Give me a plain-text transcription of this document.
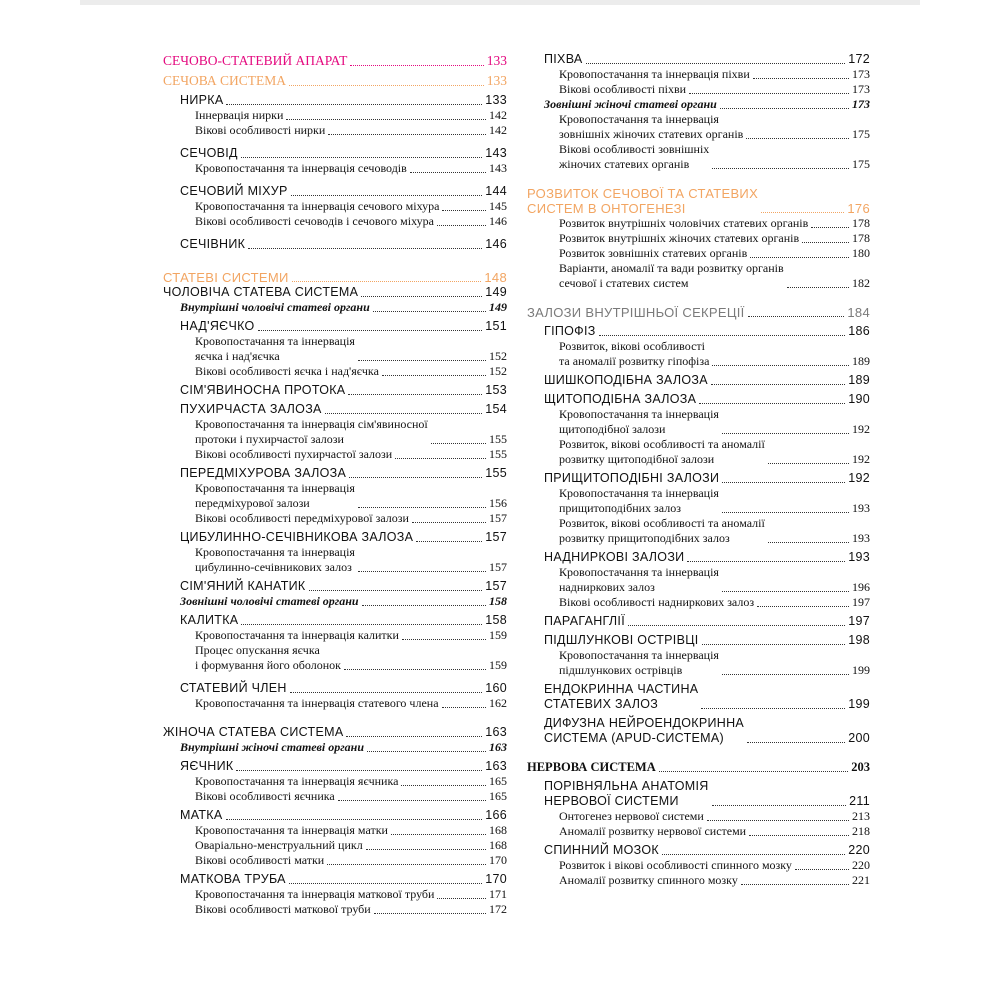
СЕЧОВО-СТАТЕВИЙ АПАРАТ	133
СЕЧОВА СИСТЕМА	133
НИРКА	133
Іннервація нирки	142
Вікові особливості нирки	142
СЕЧОВІД	143
Кровопостачання та іннервація сечоводів	143
СЕЧОВИЙ МІХУР	144
Кровопостачання та іннервація сечового міхура	145
Вікові особливості сечоводів і сечового міхура	146
СЕЧІВНИК	146
СТАТЕВІ СИСТЕМИ	148
ЧОЛОВІЧА СТАТЕВА СИСТЕМА	149
Внутрішні чоловічі статеві органи	149
НАД'ЯЄЧКО	151
Кровопостачання та іннервація
яєчка і над'яєчка	152
Вікові особливості яєчка і над'яєчка	152
СІМ'ЯВИНОСНА ПРОТОКА	153
ПУХИРЧАСТА ЗАЛОЗА	154
Кровопостачання та іннервація сім'явиносної
протоки і пухирчастої залози	155
Вікові особливості пухирчастої залози	155
ПЕРЕДМІХУРОВА ЗАЛОЗА	155
Кровопостачання та іннервація
передміхурової залози	156
Вікові особливості передміхурової залози	157
ЦИБУЛИННО-СЕЧІВНИКОВА ЗАЛОЗА	157
Кровопостачання та іннервація
цибулинно-сечівникових залоз	157
СІМ'ЯНИЙ КАНАТИК	157
Зовнішні чоловічі статеві органи	158
КАЛИТКА	158
Кровопостачання та іннервація калитки	159
Процес опускання яєчка
і формування його оболонок	159
СТАТЕВИЙ ЧЛЕН	160
Кровопостачання та іннервація статевого члена	162
ЖІНОЧА СТАТЕВА СИСТЕМА	163
Внутрішні жіночі статеві органи	163
ЯЄЧНИК	163
Кровопостачання та іннервація яєчника	165
Вікові особливості яєчника	165
МАТКА	166
Кровопостачання та іннервація матки	168
Оваріально-менструальний цикл	168
Вікові особливості матки	170
МАТКОВА ТРУБА	170
Кровопостачання та іннервація маткової труби	171
Вікові особливості маткової труби	172
ПІХВА	172
Кровопостачання та іннервація піхви	173
Вікові особливості піхви	173
Зовнішні жіночі статеві органи	173
Кровопостачання та іннервація
зовнішніх жіночих статевих органів	175
Вікові особливості зовнішніх
жіночих статевих органів	175
РОЗВИТОК СЕЧОВОЇ ТА СТАТЕВИХ
СИСТЕМ В ОНТОГЕНЕЗІ	176
Розвиток внутрішніх чоловічих статевих органів	178
Розвиток внутрішніх жіночих статевих органів	178
Розвиток зовнішніх статевих органів	180
Варіанти, аномалії та вади розвитку органів
сечової і статевих систем	182
ЗАЛОЗИ ВНУТРІШНЬОЇ СЕКРЕЦІЇ	184
ГІПОФІЗ	186
Розвиток, вікові особливості
та аномалії розвитку гіпофіза	189
ШИШКОПОДІБНА ЗАЛОЗА	189
ЩИТОПОДІБНА ЗАЛОЗА	190
Кровопостачання та іннервація
щитоподібної залози	192
Розвиток, вікові особливості та аномалії
розвитку щитоподібної залози	192
ПРИЩИТОПОДІБНІ ЗАЛОЗИ	192
Кровопостачання та іннервація
прищитоподібних залоз	193
Розвиток, вікові особливості та аномалії
розвитку прищитоподібних залоз	193
НАДНИРКОВІ ЗАЛОЗИ	193
Кровопостачання та іннервація
надниркових залоз	196
Вікові особливості надниркових залоз	197
ПАРАГАНГЛІЇ	197
ПІДШЛУНКОВІ ОСТРІВЦІ	198
Кровопостачання та іннервація
підшлункових острівців	199
ЕНДОКРИННА ЧАСТИНА
СТАТЕВИХ ЗАЛОЗ	199
ДИФУЗНА НЕЙРОЕНДОКРИННА
СИСТЕМА (APUD-СИСТЕМА)	200
НЕРВОВА СИСТЕМА	203
ПОРІВНЯЛЬНА АНАТОМІЯ
НЕРВОВОЇ СИСТЕМИ	211
Онтогенез нервової системи	213
Аномалії розвитку нервової системи	218
СПИННИЙ МОЗОК	220
Розвиток і вікові особливості спинного мозку	220
Аномалії розвитку спинного мозку	221
